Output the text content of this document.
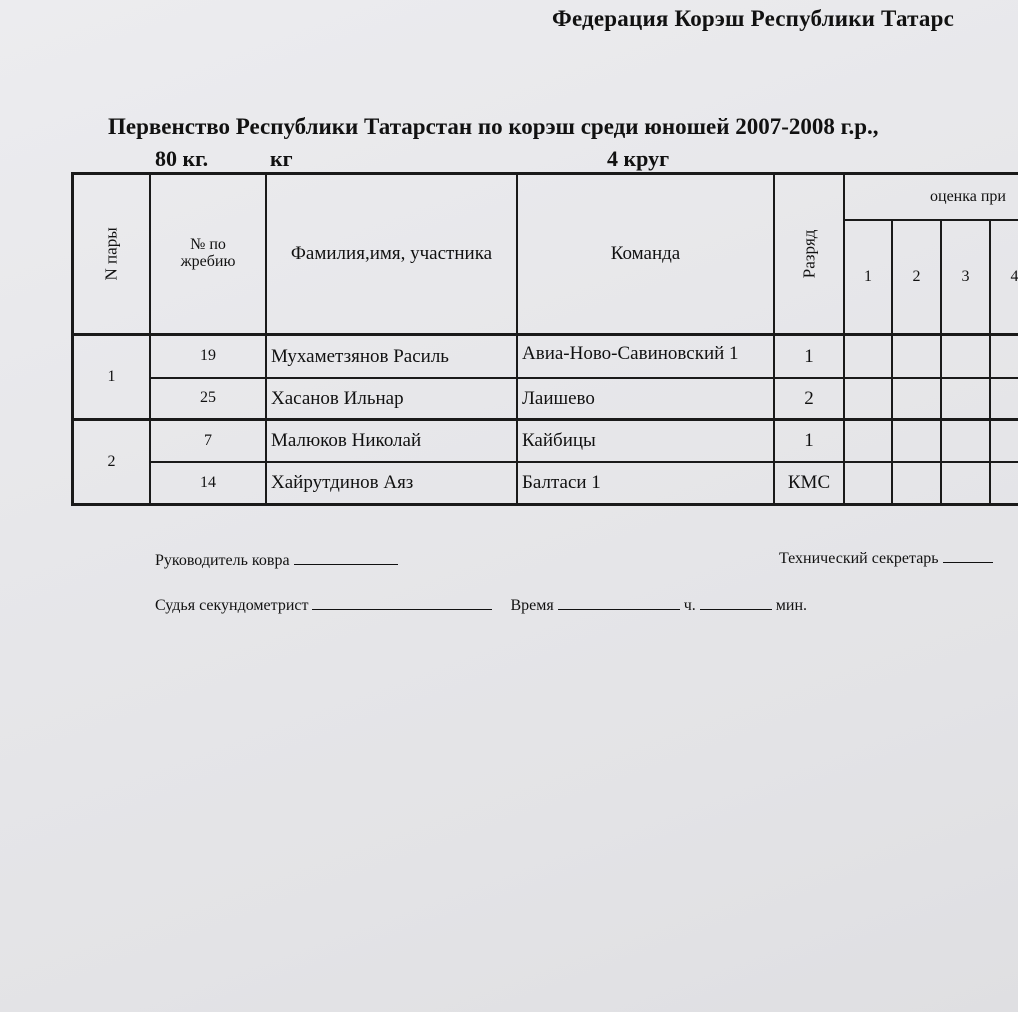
Федерация Корэш Республики Татарс
Первенство Республики Татарстан по корэш среди юношей 2007-2008 г.р.,
80 кг.	кг	4 круг
N пары	№ по жребию	Фамилия,имя, участника	Команда	Разряд
оценка при
1	2	3	4
1
19	Мухаметзянов Расиль	Авиа-Ново-Савиновский 1	1
25	Хасанов Ильнар	Лаишево	2
2
7	Малюков Николай	Кайбицы	1
14	Хайрутдинов Аяз	Балтаси 1	КМС
Руководитель ковра	Технический секретарь
Судья секундометрист	Время	ч.	мин.
